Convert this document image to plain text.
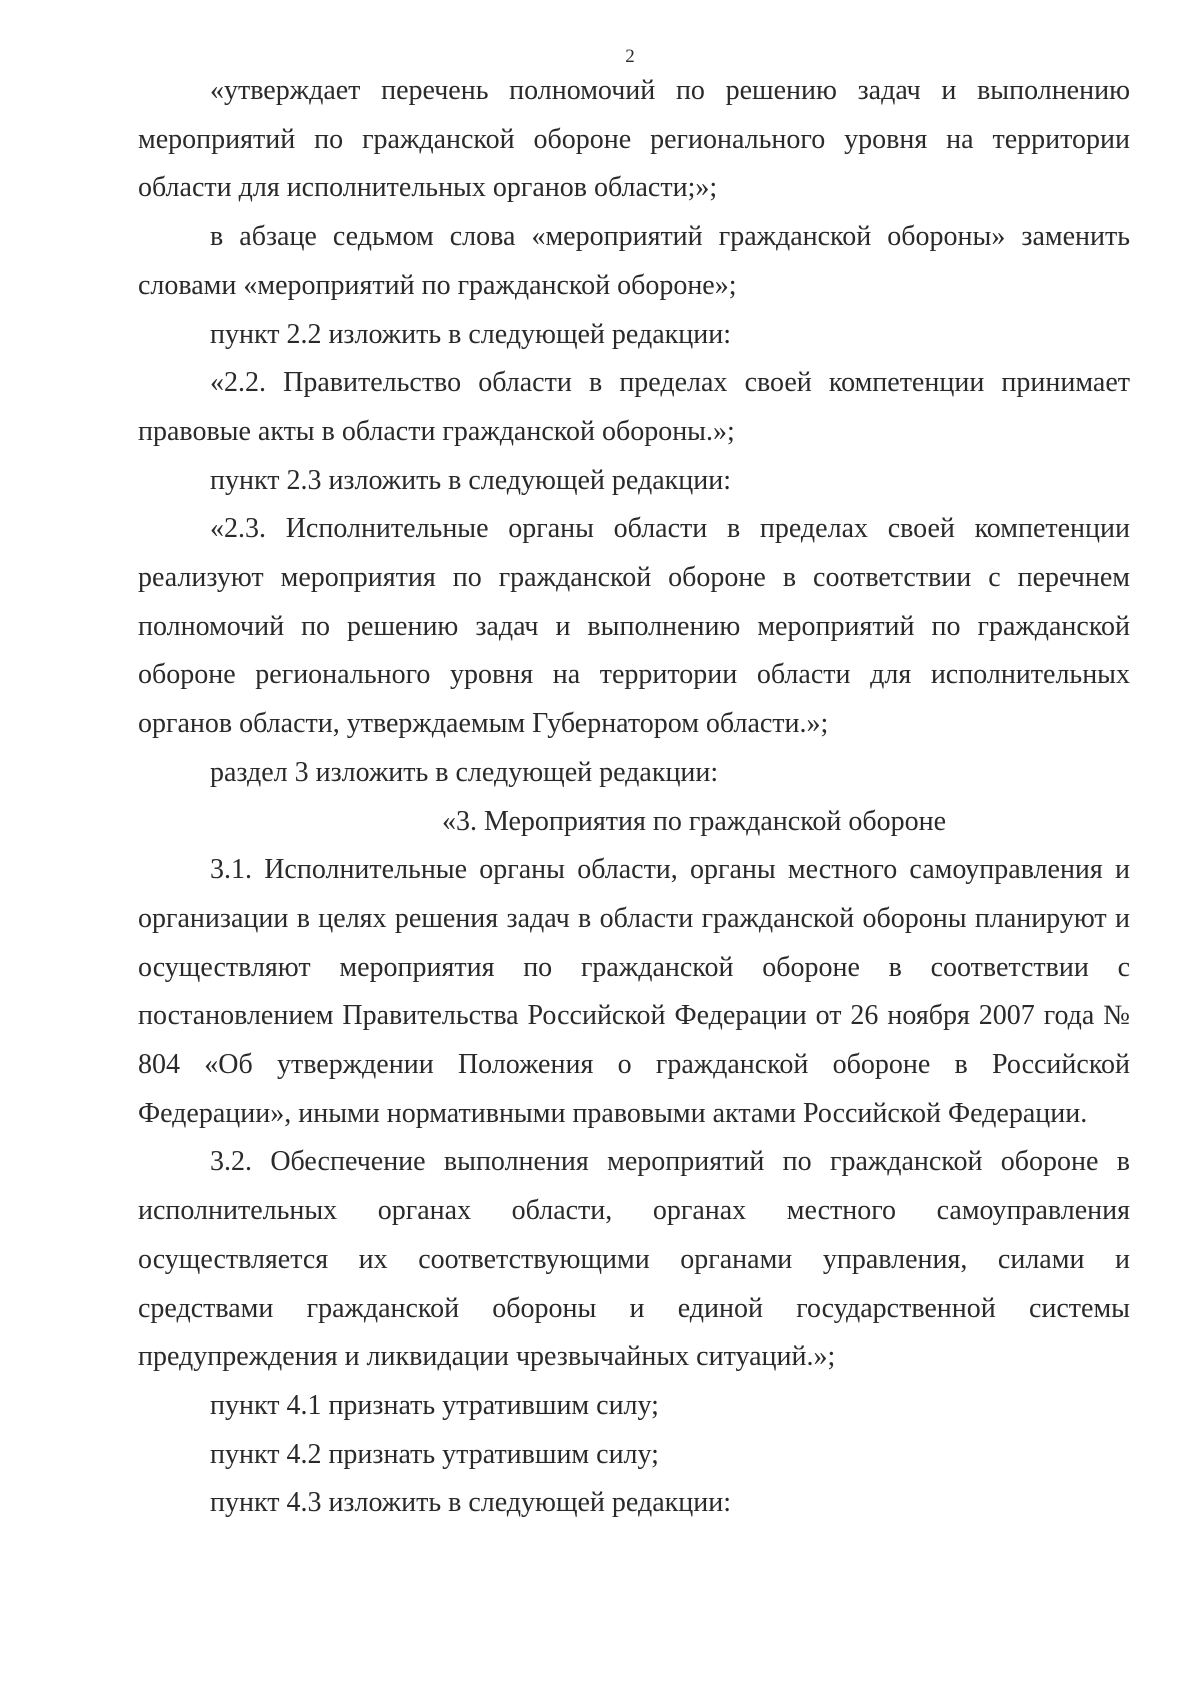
2

«утверждает перечень полномочий по решению задач и выполнению мероприятий по гражданской обороне регионального уровня на территории области для исполнительных органов области;»;

в абзаце седьмом слова «мероприятий гражданской обороны» заменить словами «мероприятий по гражданской обороне»;

пункт 2.2 изложить в следующей редакции:

«2.2. Правительство области в пределах своей компетенции принимает правовые акты в области гражданской обороны.»;

пункт 2.3 изложить в следующей редакции:

«2.3. Исполнительные органы области в пределах своей компетенции реализуют мероприятия по гражданской обороне в соответствии с перечнем полномочий по решению задач и выполнению мероприятий по гражданской обороне регионального уровня на территории области для исполнительных органов области, утверждаемым Губернатором области.»;

раздел 3 изложить в следующей редакции:

«3. Мероприятия по гражданской обороне

3.1. Исполнительные органы области, органы местного самоуправления и организации в целях решения задач в области гражданской обороны планируют и осуществляют мероприятия по гражданской обороне в соответствии с постановлением Правительства Российской Федерации от 26 ноября 2007 года № 804 «Об утверждении Положения о гражданской обороне в Российской Федерации», иными нормативными правовыми актами Российской Федерации.

3.2. Обеспечение выполнения мероприятий по гражданской обороне в исполнительных органах области, органах местного самоуправления осуществляется их соответствующими органами управления, силами и средствами гражданской обороны и единой государственной системы предупреждения и ликвидации чрезвычайных ситуаций.»;

пункт 4.1 признать утратившим силу;

пункт 4.2 признать утратившим силу;

пункт 4.3 изложить в следующей редакции:
